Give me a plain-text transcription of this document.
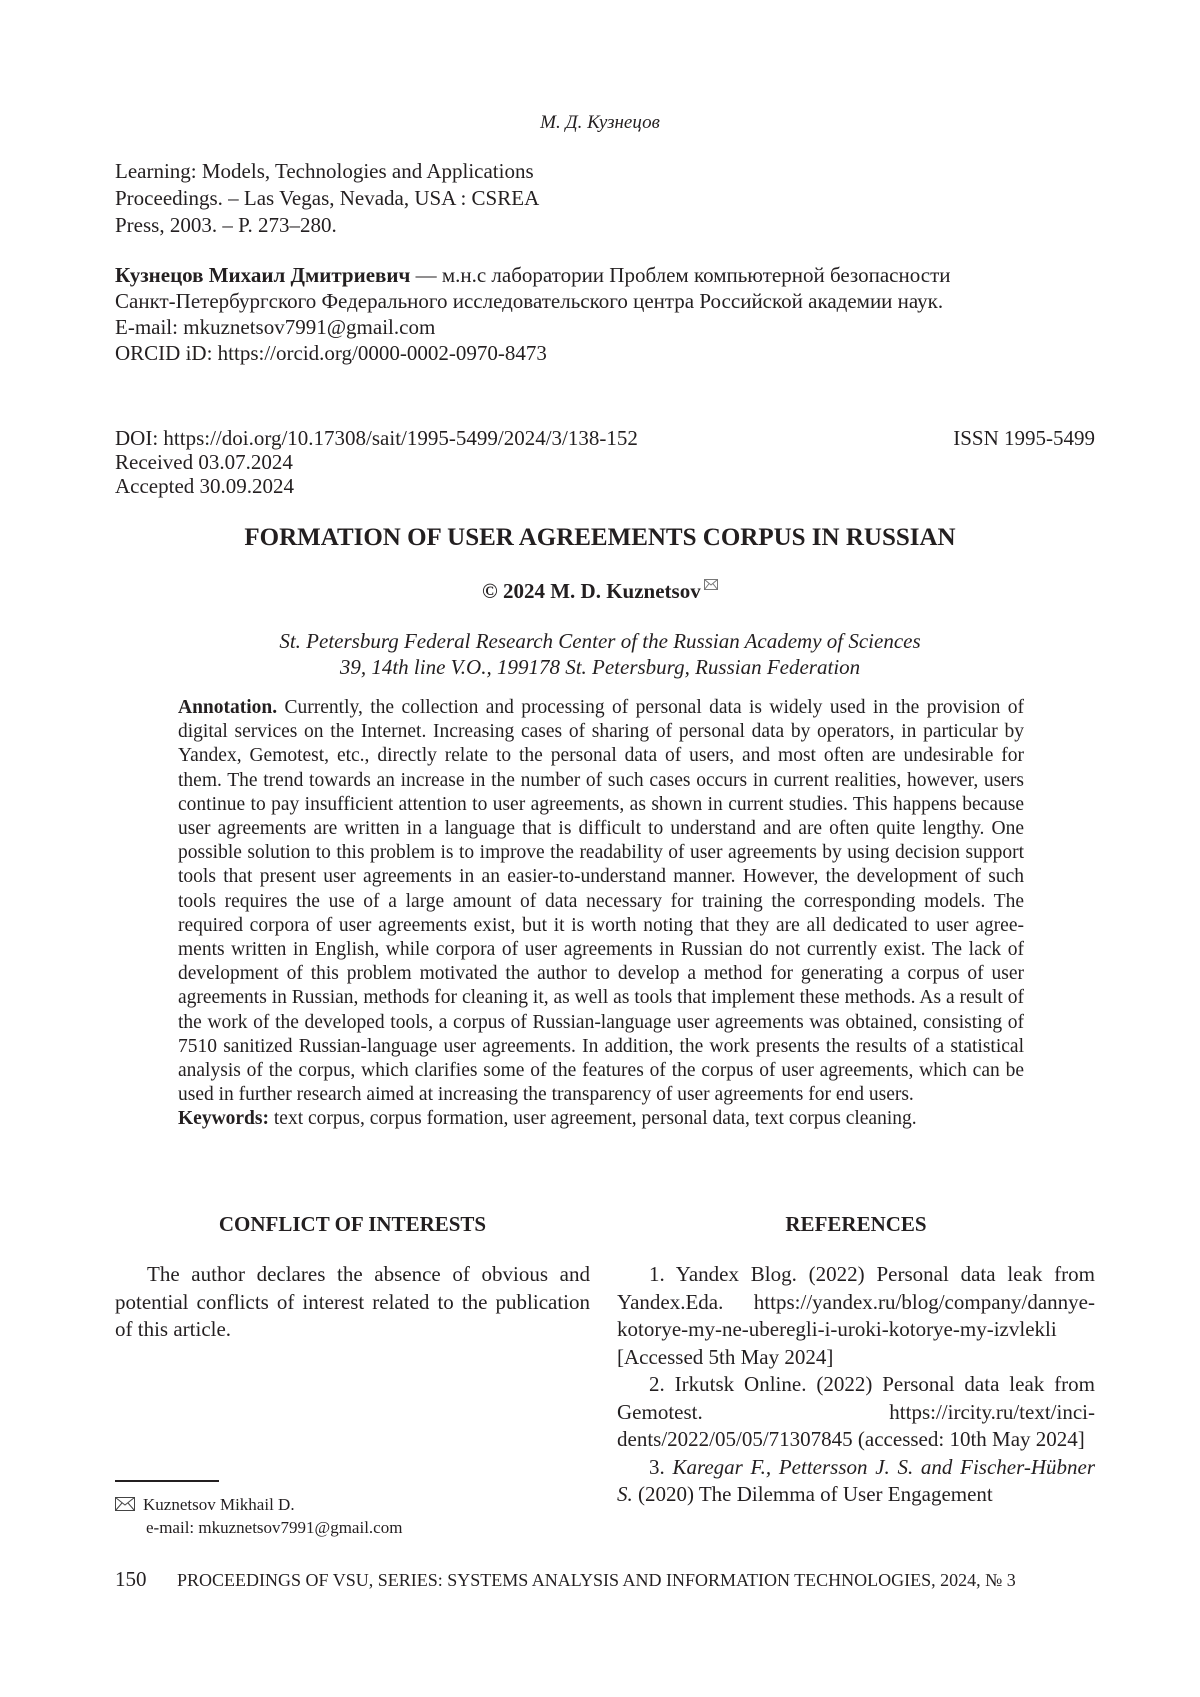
М. Д. Кузнецов
Learning: Models, Technologies and Applications
Proceedings. – Las Vegas, Nevada, USA : CSREA
Press, 2003. – P. 273–280.
Кузнецов Михаил Дмитриевич — м.н.с лаборатории Проблем компьютерной безопасности
Санкт-Петербургского Федерального исследовательского центра Российской академии наук.
E-mail: mkuznetsov7991@gmail.com
ORCID iD: https://orcid.org/0000-0002-0970-8473
DOI: https://doi.org/10.17308/sait/1995-5499/2024/3/138-152	ISSN 1995-5499
Received 03.07.2024
Accepted 30.09.2024
FORMATION OF USER AGREEMENTS CORPUS IN RUSSIAN
© 2024 M. D. Kuznetsov
St. Petersburg Federal Research Center of the Russian Academy of Sciences
39, 14th line V.O., 199178 St. Petersburg, Russian Federation
Annotation. Currently, the collection and processing of personal data is widely used in the provision of digital services on the Internet. Increasing cases of sharing of personal data by operators, in particular by Yandex, Gemotest, etc., directly relate to the personal data of users, and most often are undesirable for them. The trend towards an increase in the number of such cases occurs in current realities, however, users continue to pay insufficient attention to user agreements, as shown in current studies. This happens because user agreements are written in a language that is difficult to understand and are often quite lengthy. One possible solution to this problem is to improve the readability of user agreements by using decision support tools that present user agreements in an easier-to-understand manner. However, the development of such tools requires the use of a large amount of data necessary for training the corresponding models. The required corpora of user agreements exist, but it is worth noting that they are all dedicated to user agreements written in English, while corpora of user agreements in Russian do not currently exist. The lack of development of this problem motivated the author to develop a method for generating a corpus of user agreements in Russian, methods for cleaning it, as well as tools that implement these methods. As a result of the work of the developed tools, a corpus of Russian-language user agreements was obtained, consisting of 7510 sanitized Russian-language user agreements. In addition, the work presents the results of a statistical analysis of the corpus, which clarifies some of the features of the corpus of user agreements, which can be used in further research aimed at increasing the transparency of user agreements for end users.
Keywords: text corpus, corpus formation, user agreement, personal data, text corpus cleaning.
CONFLICT OF INTERESTS

The author declares the absence of obvious and potential conflicts of interest related to the publication of this article.

REFERENCES

1. Yandex Blog. (2022) Personal data leak from Yandex.Eda. https://yandex.ru/blog/company/dannye-kotorye-my-ne-uberegli-i-uroki-kotorye-my-izvlekli [Accessed 5th May 2024]

2. Irkutsk Online. (2022) Personal data leak from Gemotest. https://ircity.ru/text/incidents/2022/05/05/71307845 (accessed: 10th May 2024]

3. Karegar F., Pettersson J. S. and Fischer-Hübner S. (2020) The Dilemma of User Engagement

Kuznetsov Mikhail D.
e-mail: mkuznetsov7991@gmail.com
150	PROCEEDINGS OF VSU, SERIES: SYSTEMS ANALYSIS AND INFORMATION TECHNOLOGIES, 2024, № 3
